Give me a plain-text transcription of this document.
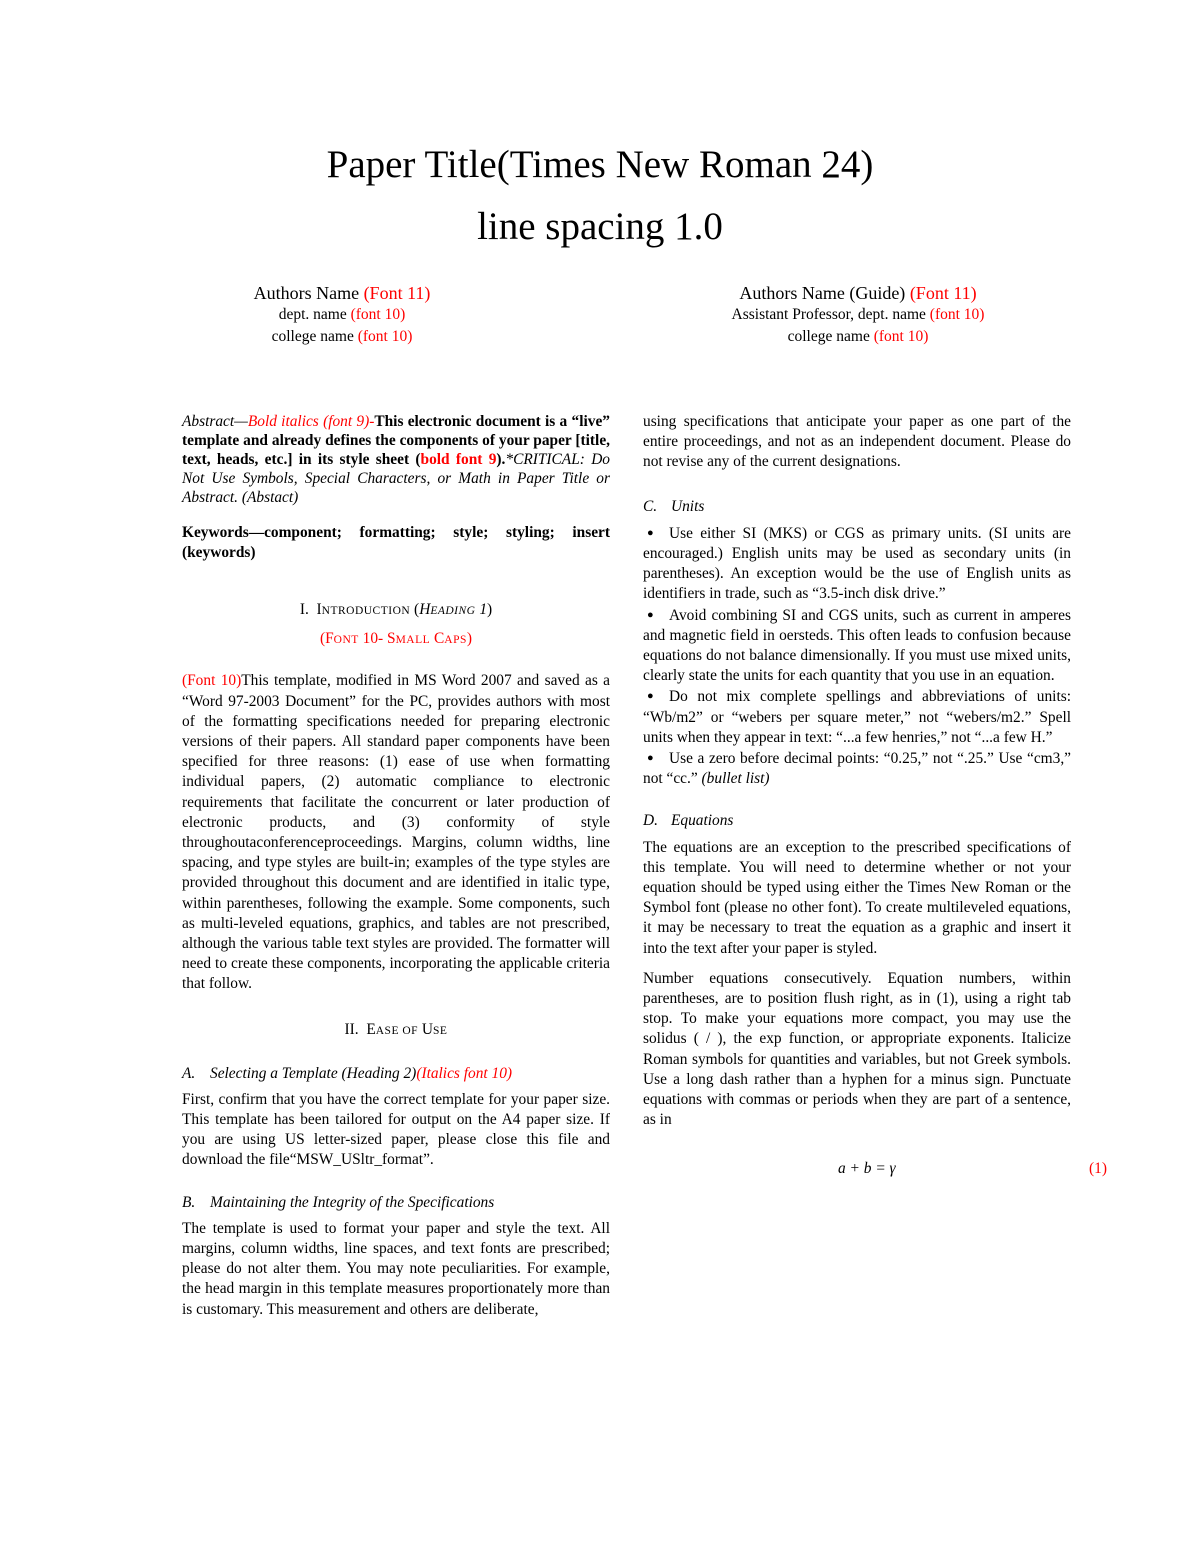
Paper Title(Times New Roman 24)
line spacing 1.0
Authors Name (Font 11)
dept. name (font 10)
college name (font 10)
Authors Name (Guide) (Font 11)
Assistant Professor, dept. name (font 10)
college name (font 10)

Abstract—Bold italics (font 9)-This electronic document is a “live” template and already defines the components of your paper [title, text, heads, etc.] in its style sheet (bold font 9).*CRITICAL: Do Not Use Symbols, Special Characters, or Math in Paper Title or Abstract. (Abstact)

Keywords—component; formatting; style; styling; insert (keywords)

I. INTRODUCTION (HEADING 1)
(FONT 10- SMALL CAPS)

(Font 10)This template, modified in MS Word 2007 and saved as a “Word 97-2003 Document” for the PC, provides authors with most of the formatting specifications needed for preparing electronic versions of their papers. All standard paper components have been specified for three reasons: (1) ease of use when formatting individual papers, (2) automatic compliance to electronic requirements that facilitate the concurrent or later production of electronic products, and (3) conformity of style throughoutaconferenceproceedings. Margins, column widths, line spacing, and type styles are built-in; examples of the type styles are provided throughout this document and are identified in italic type, within parentheses, following the example. Some components, such as multi-leveled equations, graphics, and tables are not prescribed, although the various table text styles are provided. The formatter will need to create these components, incorporating the applicable criteria that follow.

II. EASE OF USE
A. Selecting a Template (Heading 2)(Italics font 10)

First, confirm that you have the correct template for your paper size. This template has been tailored for output on the A4 paper size. If you are using US letter-sized paper, please close this file and download the file“MSW_USltr_format”.

B. Maintaining the Integrity of the Specifications

The template is used to format your paper and style the text. All margins, column widths, line spaces, and text fonts are prescribed; please do not alter them. You may note peculiarities. For example, the head margin in this template measures proportionately more than is customary. This measurement and others are deliberate,

using specifications that anticipate your paper as one part of the entire proceedings, and not as an independent document. Please do not revise any of the current designations.

C. Units

● Use either SI (MKS) or CGS as primary units. (SI units are encouraged.) English units may be used as secondary units (in parentheses). An exception would be the use of English units as identifiers in trade, such as “3.5-inch disk drive.”

● Avoid combining SI and CGS units, such as current in amperes and magnetic field in oersteds. This often leads to confusion because equations do not balance dimensionally. If you must use mixed units, clearly state the units for each quantity that you use in an equation.

● Do not mix complete spellings and abbreviations of units: “Wb/m2” or “webers per square meter,” not “webers/m2.” Spell units when they appear in text: “...a few henries,” not “...a few H.”

● Use a zero before decimal points: “0.25,” not “.25.” Use “cm3,” not “cc.” (bullet list)

D. Equations

The equations are an exception to the prescribed specifications of this template. You will need to determine whether or not your equation should be typed using either the Times New Roman or the Symbol font (please no other font). To create multileveled equations, it may be necessary to treat the equation as a graphic and insert it into the text after your paper is styled.

Number equations consecutively. Equation numbers, within parentheses, are to position flush right, as in (1), using a right tab stop. To make your equations more compact, you may use the solidus ( / ), the exp function, or appropriate exponents. Italicize Roman symbols for quantities and variables, but not Greek symbols. Use a long dash rather than a hyphen for a minus sign. Punctuate equations with commas or periods when they are part of a sentence, as in

a + b = γ	(1)
